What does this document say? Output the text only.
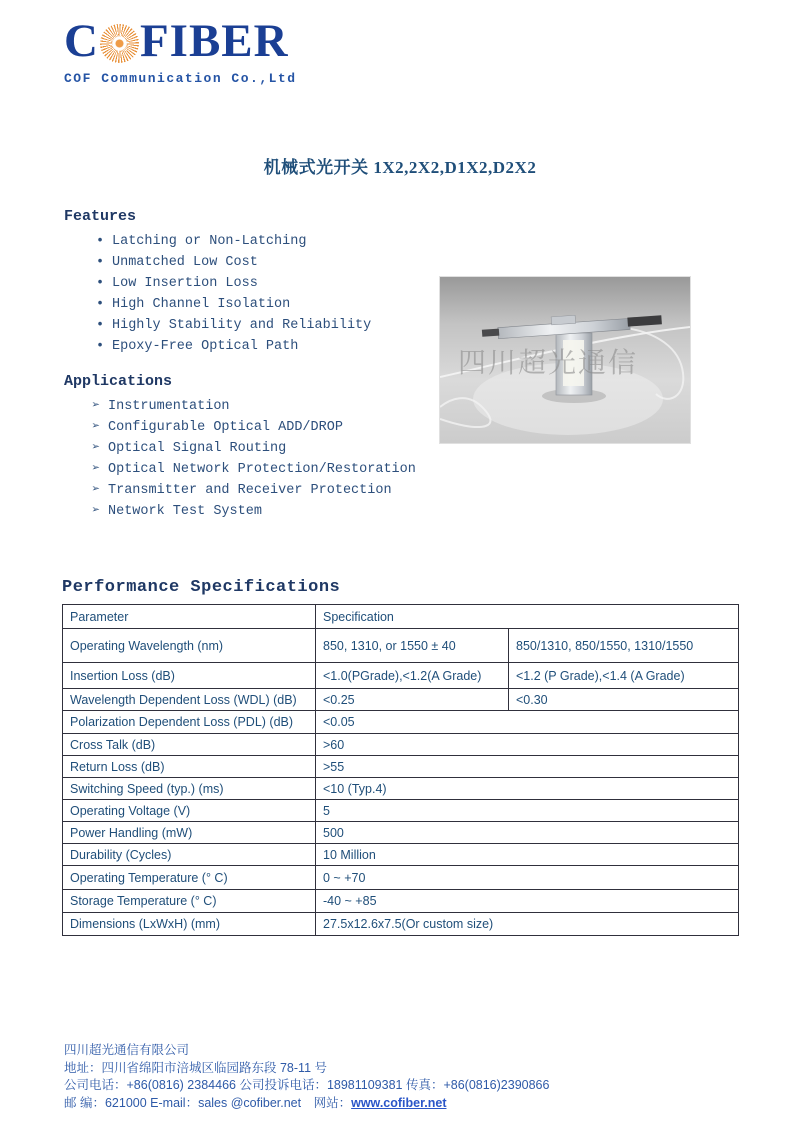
C FIBER
COF Communication Co.,Ltd
机械式光开关 1X2,2X2,D1X2,D2X2
Features
• Latching or Non-Latching
• Unmatched Low Cost
• Low Insertion Loss
• High Channel Isolation
• Highly Stability and Reliability
• Epoxy-Free Optical Path
Applications
➢ Instrumentation
➢ Configurable Optical ADD/DROP
➢ Optical Signal Routing
➢ Optical Network Protection/Restoration
➢ Transmitter and Receiver Protection
➢ Network Test System
四川超光通信
Performance Specifications
Parameter	Specification	
Operating Wavelength (nm)	850, 1310, or 1550 ± 40	850/1310, 850/1550, 1310/1550
Insertion Loss (dB)	<1.0(PGrade),<1.2(A Grade)	<1.2 (P Grade),<1.4 (A Grade)
Wavelength Dependent Loss (WDL) (dB)	<0.25	<0.30
Polarization Dependent Loss (PDL) (dB)	<0.05	
Cross Talk (dB)	>60	
Return Loss (dB)	>55	
Switching Speed (typ.) (ms)	<10 (Typ.4)	
Operating Voltage (V)	5	
Power Handling (mW)	500	
Durability (Cycles)	10 Million	
Operating Temperature (° C)	0 ~ +70	
Storage Temperature (° C)	-40 ~ +85	
Dimensions (LxWxH) (mm)	27.5x12.6x7.5(Or custom size)	
四川超光通信有限公司
地址：四川省绵阳市涪城区临园路东段 78-11 号
公司电话：+86(0816) 2384466 公司投诉电话：18981109381 传真：+86(0816)2390866
邮 编：621000 E-mail：sales @cofiber.net　网站：www.cofiber.net
